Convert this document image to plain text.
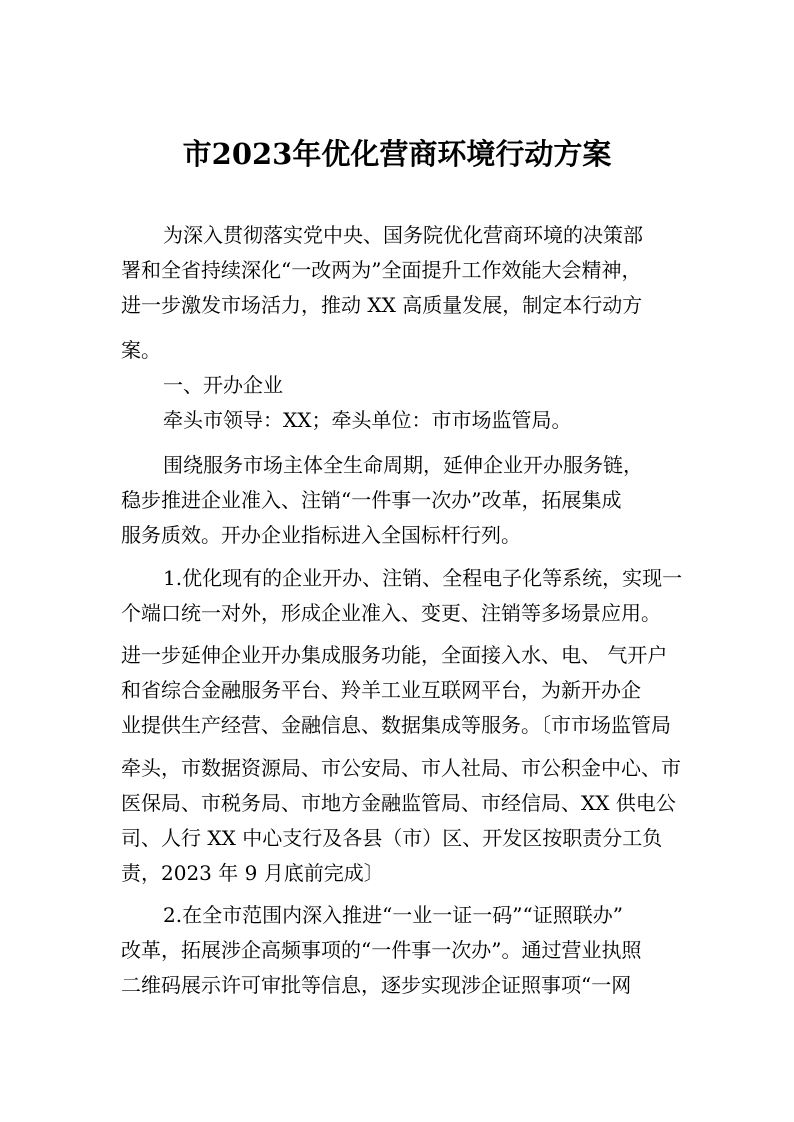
市2023年优化营商环境行动方案
为深入贯彻落实党中央、国务院优化营商环境的决策部
署和全省持续深化“一改两为”全面提升工作效能大会精神，
进一步激发市场活力，推动 XX 高质量发展，制定本行动方
案。
一、开办企业
牵头市领导：XX；牵头单位：市市场监管局。
围绕服务市场主体全生命周期，延伸企业开办服务链，
稳步推进企业准入、注销“一件事一次办”改革，拓展集成
服务质效。开办企业指标进入全国标杆行列。
1.优化现有的企业开办、注销、全程电子化等系统，实现一
个端口统一对外，形成企业准入、变更、注销等多场景应用。
进一步延伸企业开办集成服务功能，全面接入水、电、 气开户
和省综合金融服务平台、羚羊工业互联网平台，为新开办企
业提供生产经营、金融信息、数据集成等服务。〔市市场监管局
牵头，市数据资源局、市公安局、市人社局、市公积金中心、市
医保局、市税务局、市地方金融监管局、市经信局、XX 供电公
司、人行 XX 中心支行及各县（市）区、开发区按职责分工负
责，2023 年 9 月底前完成〕
2.在全市范围内深入推进“一业一证一码”“证照联办”
改革，拓展涉企高频事项的“一件事一次办”。通过营业执照
二维码展示许可审批等信息，逐步实现涉企证照事项“一网
